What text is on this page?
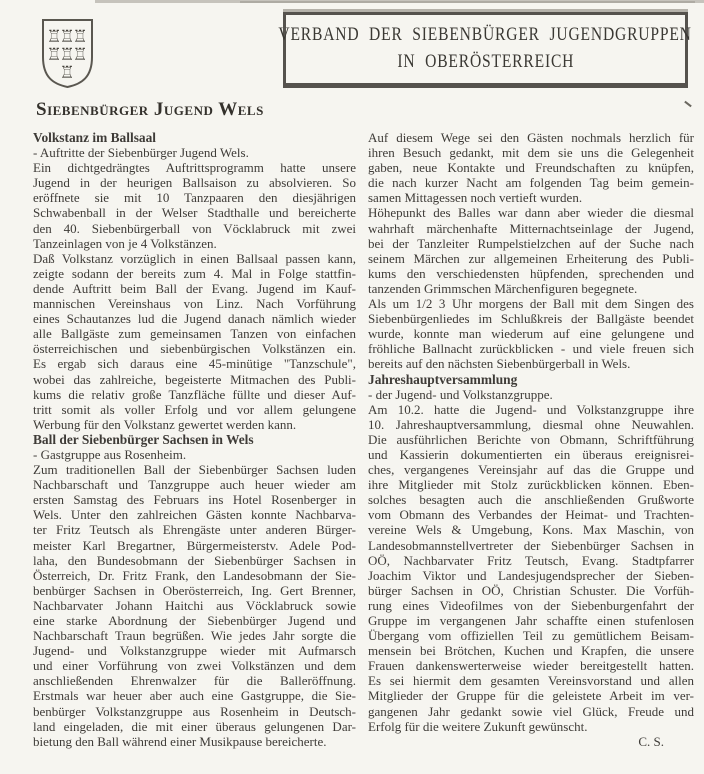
♖
♖
♖
♖
♖
♖
♖
VERBAND DER SIEBENBÜRGER JUGENDGRUPPEN
IN OBERÖSTERREICH
Siebenbürger Jugend Wels
Volkstanz im Ballsaal
- Auftritte der Siebenbürger Jugend Wels.
Ein dichtgedrängtes Auftrittsprogramm hatte unsere
Jugend in der heurigen Ballsaison zu absolvieren. So
eröffnete sie mit 10 Tanzpaaren den diesjährigen
Schwabenball in der Welser Stadthalle und bereicherte
den 40. Siebenbürgerball von Vöcklabruck mit zwei
Tanzeinlagen von je 4 Volkstänzen.
Daß Volkstanz vorzüglich in einen Ballsaal passen kann,
zeigte sodann der bereits zum 4. Mal in Folge stattfin-
dende Auftritt beim Ball der Evang. Jugend im Kauf-
mannischen Vereinshaus von Linz. Nach Vorführung
eines Schautanzes lud die Jugend danach nämlich wieder
alle Ballgäste zum gemeinsamen Tanzen von einfachen
österreichischen und siebenbürgischen Volkstänzen ein.
Es ergab sich daraus eine 45-minütige "Tanzschule",
wobei das zahlreiche, begeisterte Mitmachen des Publi-
kums die relativ große Tanzfläche füllte und dieser Auf-
tritt somit als voller Erfolg und vor allem gelungene
Werbung für den Volkstanz gewertet werden kann.
Ball der Siebenbürger Sachsen in Wels
- Gastgruppe aus Rosenheim.
Zum traditionellen Ball der Siebenbürger Sachsen luden
Nachbarschaft und Tanzgruppe auch heuer wieder am
ersten Samstag des Februars ins Hotel Rosenberger in
Wels. Unter den zahlreichen Gästen konnte Nachbarva-
ter Fritz Teutsch als Ehrengäste unter anderen Bürger-
meister Karl Bregartner, Bürgermeisterstv. Adele Pod-
laha, den Bundesobmann der Siebenbürger Sachsen in
Österreich, Dr. Fritz Frank, den Landesobmann der Sie-
benbürger Sachsen in Oberösterreich, Ing. Gert Brenner,
Nachbarvater Johann Haitchi aus Vöcklabruck sowie
eine starke Abordnung der Siebenbürger Jugend und
Nachbarschaft Traun begrüßen. Wie jedes Jahr sorgte die
Jugend- und Volkstanzgruppe wieder mit Aufmarsch
und einer Vorführung von zwei Volkstänzen und dem
anschließenden Ehrenwalzer für die Balleröffnung.
Erstmals war heuer aber auch eine Gastgruppe, die Sie-
benbürger Volkstanzgruppe aus Rosenheim in Deutsch-
land eingeladen, die mit einer überaus gelungenen Dar-
bietung den Ball während einer Musikpause bereicherte.
Auf diesem Wege sei den Gästen nochmals herzlich für
ihren Besuch gedankt, mit dem sie uns die Gelegenheit
gaben, neue Kontakte und Freundschaften zu knüpfen,
die nach kurzer Nacht am folgenden Tag beim gemein-
samen Mittagessen noch vertieft wurden.
Höhepunkt des Balles war dann aber wieder die diesmal
wahrhaft märchenhafte Mitternachtseinlage der Jugend,
bei der Tanzleiter Rumpelstielzchen auf der Suche nach
seinem Märchen zur allgemeinen Erheiterung des Publi-
kums den verschiedensten hüpfenden, sprechenden und
tanzenden Grimmschen Märchenfiguren begegnete.
Als um 1/2 3 Uhr morgens der Ball mit dem Singen des
Siebenbürgenliedes im Schlußkreis der Ballgäste beendet
wurde, konnte man wiederum auf eine gelungene und
fröhliche Ballnacht zurückblicken - und viele freuen sich
bereits auf den nächsten Siebenbürgerball in Wels.
Jahreshauptversammlung
- der Jugend- und Volkstanzgruppe.
Am 10.2. hatte die Jugend- und Volkstanzgruppe ihre
10. Jahreshauptversammlung, diesmal ohne Neuwahlen.
Die ausführlichen Berichte von Obmann, Schriftführung
und Kassierin dokumentierten ein überaus ereignisrei-
ches, vergangenes Vereinsjahr auf das die Gruppe und
ihre Mitglieder mit Stolz zurückblicken können. Eben-
solches besagten auch die anschließenden Grußworte
vom Obmann des Verbandes der Heimat- und Trachten-
vereine Wels & Umgebung, Kons. Max Maschin, von
Landesobmannstellvertreter der Siebenbürger Sachsen in
OÖ, Nachbarvater Fritz Teutsch, Evang. Stadtpfarrer
Joachim Viktor und Landesjugendsprecher der Sieben-
bürger Sachsen in OÖ, Christian Schuster. Die Vorfüh-
rung eines Videofilmes von der Siebenburgenfahrt der
Gruppe im vergangenen Jahr schaffte einen stufenlosen
Übergang vom offiziellen Teil zu gemütlichem Beisam-
mensein bei Brötchen, Kuchen und Krapfen, die unsere
Frauen dankenswerterweise wieder bereitgestellt hatten.
Es sei hiermit dem gesamten Vereinsvorstand und allen
Mitglieder der Gruppe für die geleistete Arbeit im ver-
gangenen Jahr gedankt sowie viel Glück, Freude und
Erfolg für die weitere Zukunft gewünscht.
C. S.
